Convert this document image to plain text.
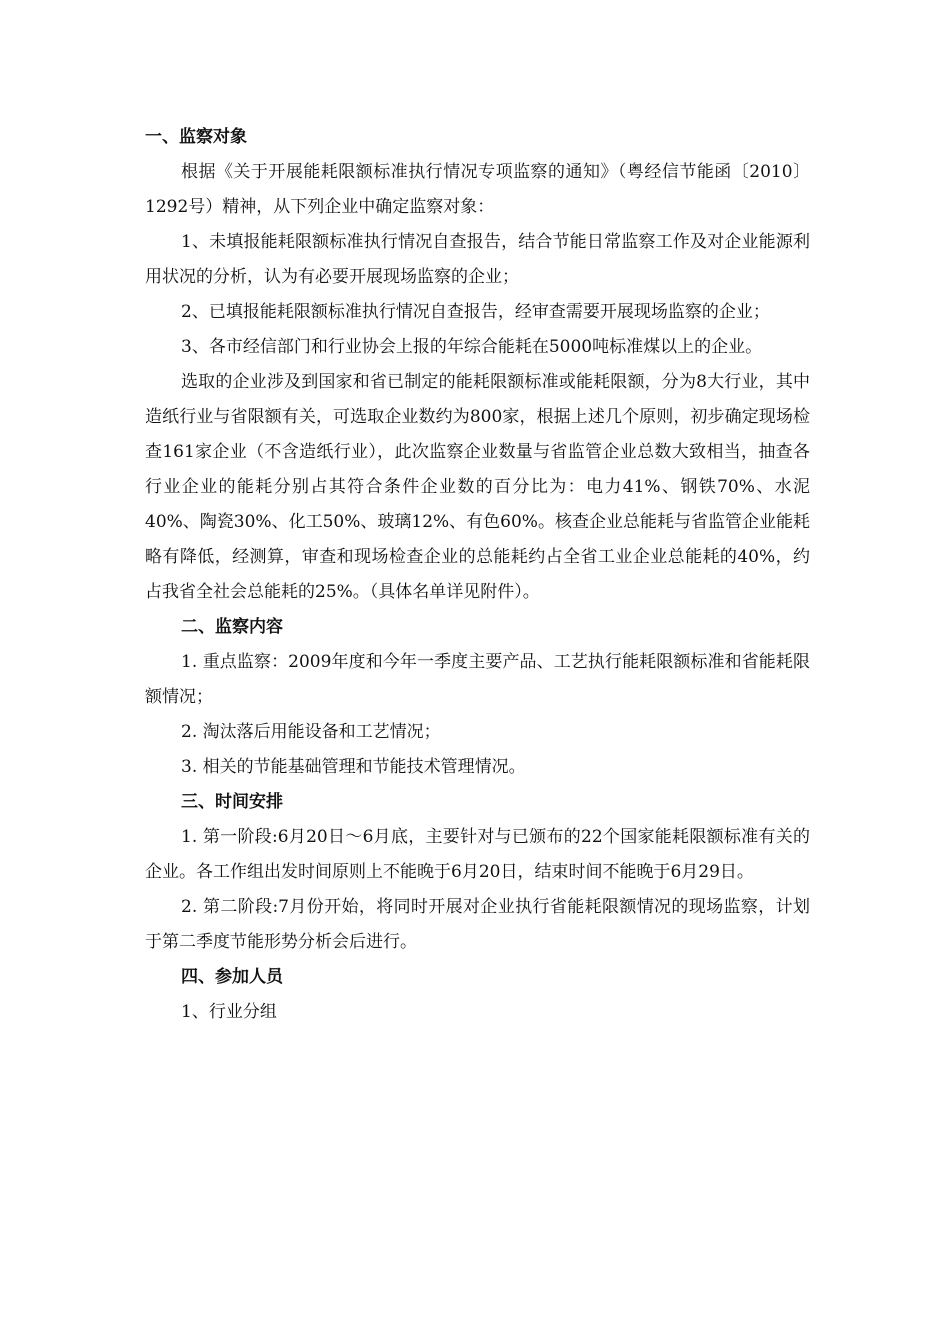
一、监察对象

根据《关于开展能耗限额标准执行情况专项监察的通知》（粤经信节能函〔2010〕1292号）精神，从下列企业中确定监察对象：

1、未填报能耗限额标准执行情况自查报告，结合节能日常监察工作及对企业能源利用状况的分析，认为有必要开展现场监察的企业；

2、已填报能耗限额标准执行情况自查报告，经审查需要开展现场监察的企业；

3、各市经信部门和行业协会上报的年综合能耗在5000吨标准煤以上的企业。

选取的企业涉及到国家和省已制定的能耗限额标准或能耗限额，分为8大行业，其中造纸行业与省限额有关，可选取企业数约为800家，根据上述几个原则，初步确定现场检查161家企业（不含造纸行业），此次监察企业数量与省监管企业总数大致相当，抽查各行业企业的能耗分别占其符合条件企业数的百分比为：电力41%、钢铁70%、水泥40%、陶瓷30%、化工50%、玻璃12%、有色60%。核查企业总能耗与省监管企业能耗略有降低，经测算，审查和现场检查企业的总能耗约占全省工业企业总能耗的40%，约占我省全社会总能耗的25%。（具体名单详见附件）。

二、监察内容

1. 重点监察：2009年度和今年一季度主要产品、工艺执行能耗限额标准和省能耗限额情况；

2. 淘汰落后用能设备和工艺情况；

3. 相关的节能基础管理和节能技术管理情况。

三、时间安排

1. 第一阶段:6月20日～6月底，主要针对与已颁布的22个国家能耗限额标准有关的企业。各工作组出发时间原则上不能晚于6月20日，结束时间不能晚于6月29日。

2. 第二阶段:7月份开始，将同时开展对企业执行省能耗限额情况的现场监察，计划于第二季度节能形势分析会后进行。

四、参加人员

1、行业分组
